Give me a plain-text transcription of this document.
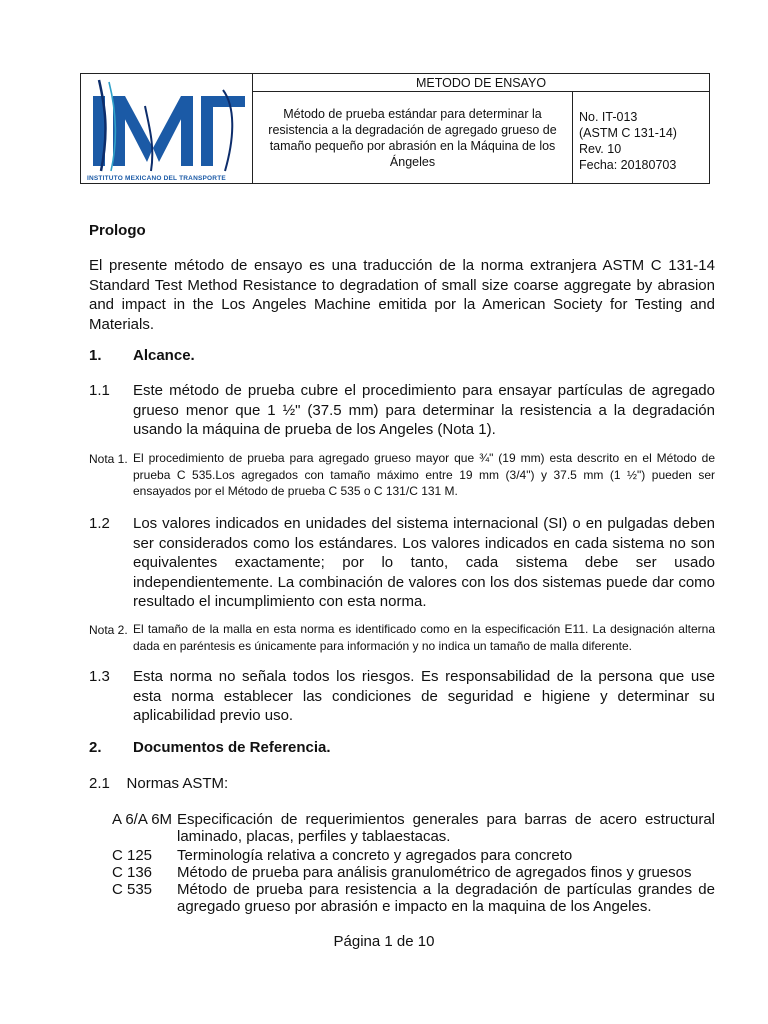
INSTITUTO MEXICANO DEL TRANSPORTE
METODO DE ENSAYO
Método de prueba estándar para determinar la resistencia a la degradación de agregado grueso de tamaño pequeño por abrasión en la Máquina de los Ángeles
No. IT-013
(ASTM C 131-14)
Rev. 10
Fecha: 20180703
Prologo
El presente método de ensayo es una traducción de la norma extranjera ASTM C 131-14 Standard Test Method Resistance to degradation of small size coarse aggregate by abrasion and impact in the Los Angeles Machine emitida por la American Society for Testing and Materials.
1. Alcance.
1.1 Este método de prueba cubre el procedimiento para ensayar partículas de agregado grueso menor que 1 ½" (37.5 mm) para determinar la resistencia a la degradación usando la máquina de prueba de los Angeles (Nota 1).
Nota 1. El procedimiento de prueba para agregado grueso mayor que ¾" (19 mm) esta descrito en el Método de prueba C 535.Los agregados con tamaño máximo entre 19 mm (3/4") y 37.5 mm (1 ½") pueden ser ensayados por el Método de prueba C 535 o C 131/C 131 M.
1.2 Los valores indicados en unidades del sistema internacional (SI) o en pulgadas deben ser considerados como los estándares. Los valores indicados en cada sistema no son equivalentes exactamente; por lo tanto, cada sistema debe ser usado independientemente. La combinación de valores con los dos sistemas puede dar como resultado el incumplimiento con esta norma.
Nota 2. El tamaño de la malla en esta norma es identificado como en la especificación E11. La designación alterna dada en paréntesis es únicamente para información y no indica un tamaño de malla diferente.
1.3 Esta norma no señala todos los riesgos. Es responsabilidad de la persona que use esta norma establecer las condiciones de seguridad e higiene y determinar su aplicabilidad previo uso.
2. Documentos de Referencia.
2.1    Normas ASTM:
A 6/A 6M Especificación de requerimientos generales para barras de acero estructural laminado, placas, perfiles y tablaestacas.
C 125 Terminología relativa a concreto y agregados para concreto
C 136 Método de prueba para análisis granulométrico de agregados finos y gruesos
C 535 Método de prueba para resistencia a la degradación de partículas grandes de agregado grueso por abrasión e impacto en la maquina de los Angeles.
Página 1 de 10
